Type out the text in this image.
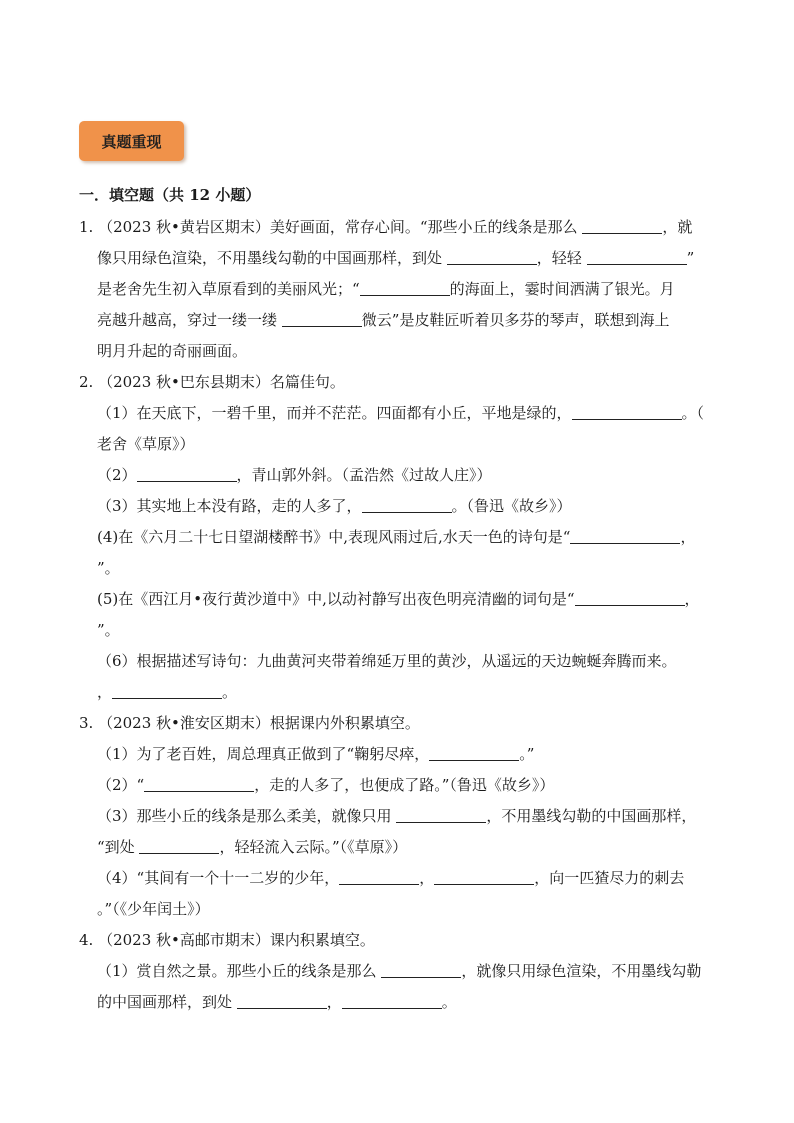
真题重现
一．填空题（共 12 小题）
1. （2023 秋•黄岩区期末）美好画面，常存心间。“那些小丘的线条是那么	，就
像只用绿色渲染，不用墨线勾勒的中国画那样，到处	，轻轻	”
是老舍先生初入草原看到的美丽风光；“	的海面上，霎时间洒满了银光。月
亮越升越高，穿过一缕一缕	微云”是皮鞋匠听着贝多芬的琴声，联想到海上
明月升起的奇丽画面。
2. （2023 秋•巴东县期末）名篇佳句。
（1）在天底下，一碧千里，而并不茫茫。四面都有小丘，平地是绿的，	。（
老舍《草原》）
（2）	，青山郭外斜。（孟浩然《过故人庄》）
（3）其实地上本没有路，走的人多了，	。（鲁迅《故乡》）
(4)在《六月二十七日望湖楼醉书》中,表现风雨过后,水天一色的诗句是“	，
”。
(5)在《西江月•夜行黄沙道中》中,以动衬静写出夜色明亮清幽的词句是“	，
”。
（6）根据描述写诗句：九曲黄河夹带着绵延万里的黄沙，从遥远的天边蜿蜒奔腾而来。
，	。
3. （2023 秋•淮安区期末）根据课内外积累填空。
（1）为了老百姓，周总理真正做到了“鞠躬尽瘁，	。”
（2）“	，走的人多了，也便成了路。”（鲁迅《故乡》）
（3）那些小丘的线条是那么柔美，就像只用	，不用墨线勾勒的中国画那样，
“到处	，轻轻流入云际。”（《草原》）
（4）“其间有一个十一二岁的少年，	，	，向一匹猹尽力的刺去
。”（《少年闰土》）
4. （2023 秋•高邮市期末）课内积累填空。
（1）赏自然之景。那些小丘的线条是那么	，就像只用绿色渲染，不用墨线勾勒
的中国画那样，到处	，	。
